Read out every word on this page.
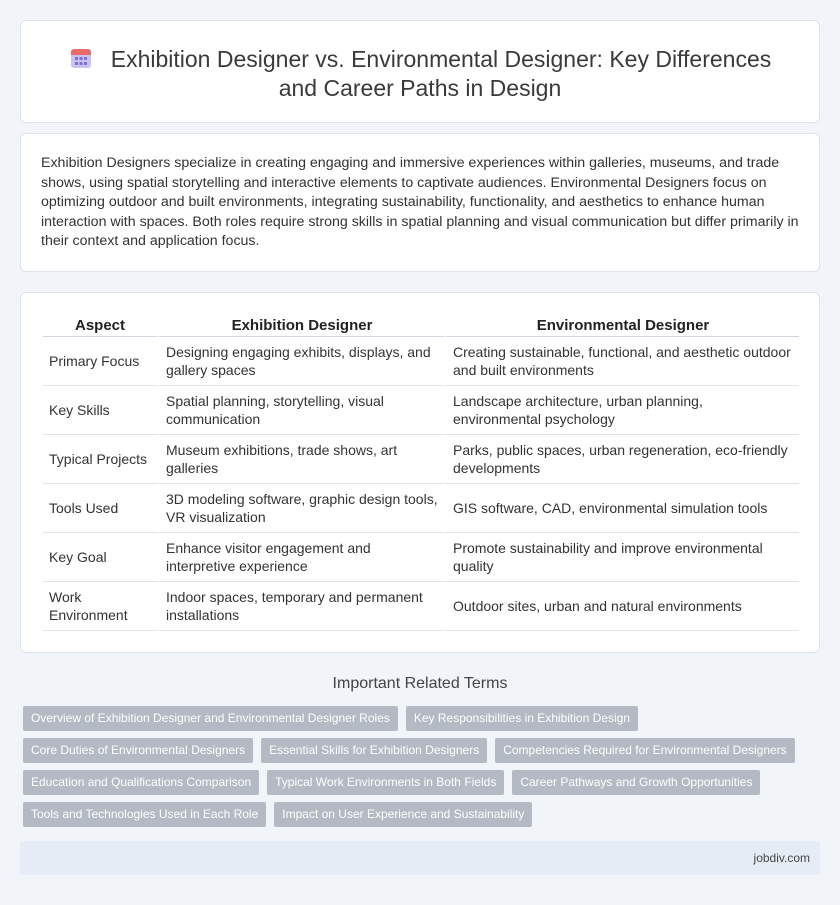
Exhibition Designer vs. Environmental Designer: Key Differences and Career Paths in Design

Exhibition Designers specialize in creating engaging and immersive experiences within galleries, museums, and trade shows, using spatial storytelling and interactive elements to captivate audiences. Environmental Designers focus on optimizing outdoor and built environments, integrating sustainability, functionality, and aesthetics to enhance human interaction with spaces. Both roles require strong skills in spatial planning and visual communication but differ primarily in their context and application focus.

Aspect	Exhibition Designer	Environmental Designer
Primary Focus	Designing engaging exhibits, displays, and gallery spaces	Creating sustainable, functional, and aesthetic outdoor and built environments
Key Skills	Spatial planning, storytelling, visual communication	Landscape architecture, urban planning, environmental psychology
Typical Projects	Museum exhibitions, trade shows, art galleries	Parks, public spaces, urban regeneration, eco-friendly developments
Tools Used	3D modeling software, graphic design tools, VR visualization	GIS software, CAD, environmental simulation tools
Key Goal	Enhance visitor engagement and interpretive experience	Promote sustainability and improve environmental quality
Work Environment	Indoor spaces, temporary and permanent installations	Outdoor sites, urban and natural environments
Important Related Terms
Overview of Exhibition Designer and Environmental Designer Roles	Key Responsibilities in Exhibition Design
Core Duties of Environmental Designers	Essential Skills for Exhibition Designers	Competencies Required for Environmental Designers
Education and Qualifications Comparison	Typical Work Environments in Both Fields	Career Pathways and Growth Opportunities
Tools and Technologies Used in Each Role	Impact on User Experience and Sustainability
jobdiv.com
